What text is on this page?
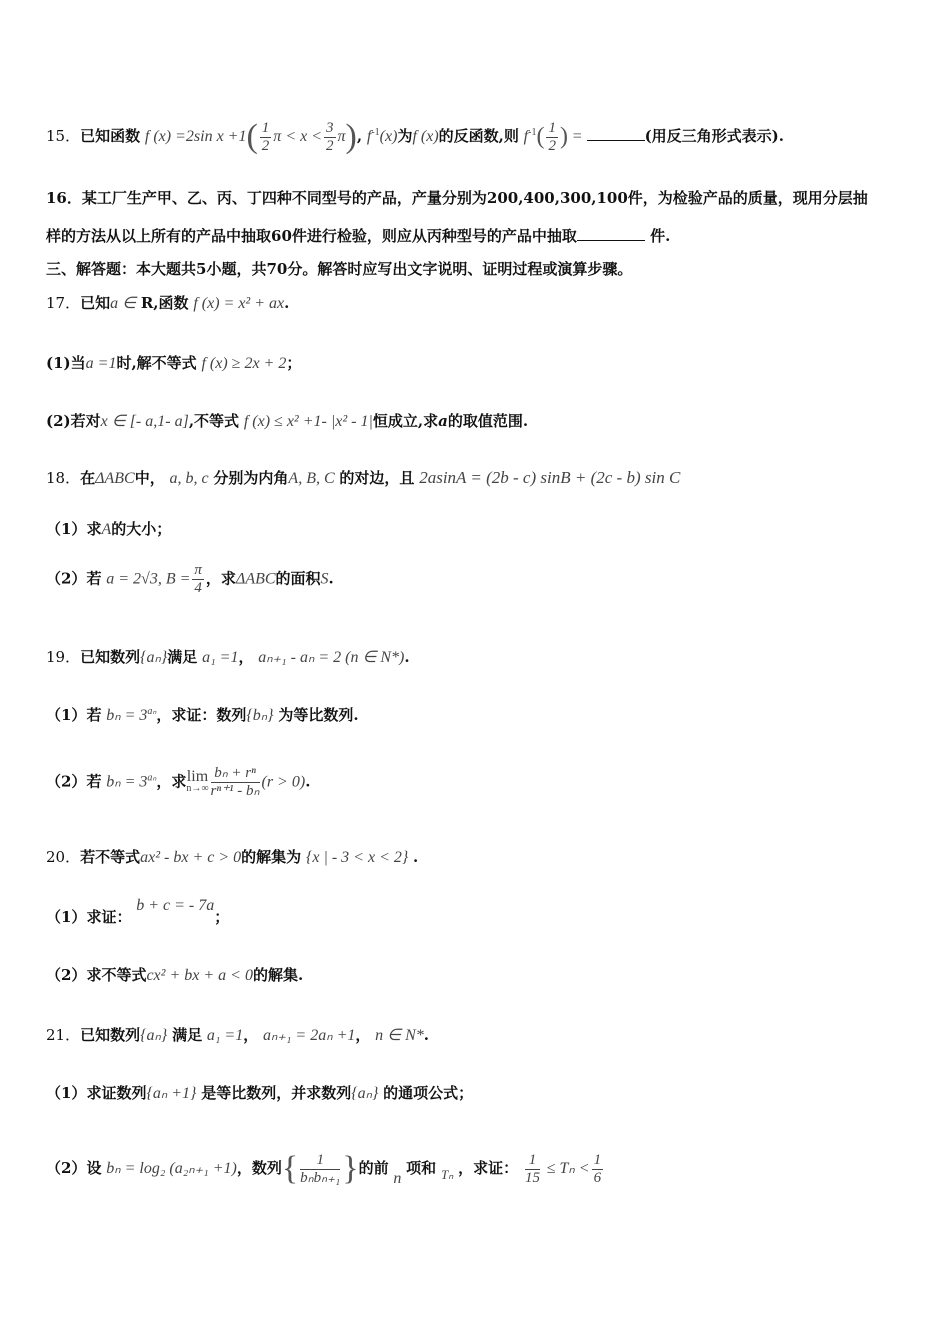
15．已知函数 f (x) =2sin $x +1( \frac{1}{2}$ $\pi < x < \frac{3}{2} \pi$), $f^{-1}(x)$为f (x)的反函数,则 $f^{-1}( \frac{1}{2}$ ) =	(用反三角形式表示).
16．某工厂生产甲、乙、丙、丁四种不同型号的产品，产量分别为200,400,300,100件，为检验产品的质量，现用分层抽
样的方法从以上所有的产品中抽取60件进行检验，则应从丙种型号的产品中抽取	件.
三、解答题：本大题共5小题，共70分。解答时应写出文字说明、证明过程或演算步骤。
17．已知a ∈ R,函数 f (x) = x² + ax.
(1)当a =1时,解不等式 f (x) ≥ 2x + 2；
(2)若对x ∈ [- a,1- a],不等式 f (x) ≤ x² +1- |x² - 1|恒成立,求a的取值范围.
18．在ΔABC中， a, b, c 分别为内角A, B, C 的对边，且 2asinA = (2b - c) sinB + (2c - b) sin C
（1）求A的大小；
（2）若 a = 2√3, $B = \frac{\pi}{4}$ ，求ΔABC的面积S.
19．已知数列{aₙ}满足 a₁ =1， aₙ₊₁ - aₙ = 2 (n ∈ N*).
（1）若 $b_n = 3^{a_n}$，求证：数列{bₙ} 为等比数列.
（2）若 $b_n = 3^{a_n}$，求 lim
$n\to\infty \frac{\text{bₙ + rⁿ}}{\text{rⁿ⁺¹ - bₙ}} (r > 0)$.
20．若不等式ax² - bx + c > 0的解集为 {x | - 3 < x < 2} .
（1）求证： b + c = - 7a；
（2）求不等式cx² + bx + a < 0的解集.
21．已知数列{aₙ} 满足 a₁ =1， aₙ₊₁ = 2aₙ +1， n ∈ N*.
（1）求证数列{aₙ +1} 是等比数列，并求数列{aₙ} 的通项公式；
（2）设 bₙ = log₂ (a₂ₙ₊₁ +1)，数列{ $\frac{1}{\text{bₙbₙ₊₁}}$ }的前 n 项和 Tₙ ，求证： $\frac{1}{15} \le T_n < \frac{1}{6}$
